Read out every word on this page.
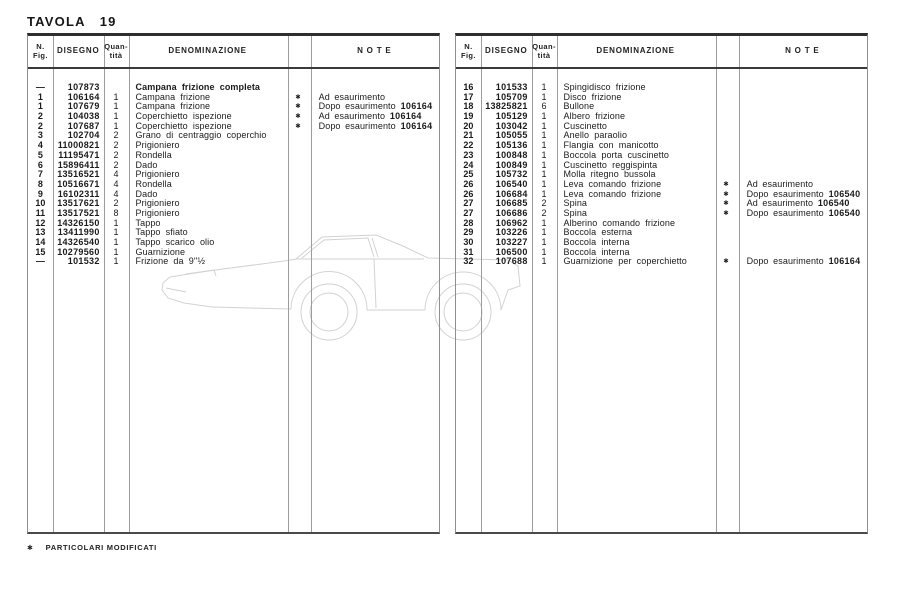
TAVOLA 19
N.
Fig.	DISEGNO Quan-
tità	DENOMINAZIONE	N O T E
—	107873	Campana frizione completa
1	106164	1	Campana frizione	✱	Ad esaurimento
1	107679	1	Campana frizione	✱	Dopo esaurimento 106164
2	104038	1	Coperchietto ispezione	✱	Ad esaurimento 106164
2	107687	1	Coperchietto ispezione	✱	Dopo esaurimento 106164
3	102704	2	Grano di centraggio coperchio
4	11000821	2	Prigioniero
5	11195471	2	Rondella
6	15896411	2	Dado
7	13516521	4	Prigioniero
8	10516671	4	Rondella
9	16102311	4	Dado
10	13517621	2	Prigioniero
11	13517521	8	Prigioniero
12	14326150	1	Tappo
13	13411990	1	Tappo sfiato
14	14326540	1	Tappo scarico olio
15	10279560	1	Guarnizione
—	101532	1	Frizione da 9''½
N.
Fig.	DISEGNO Quan-
tità	DENOMINAZIONE	N O T E
16	101533	1	Spingidisco frizione
17	105709	1	Disco frizione
18	13825821	6	Bullone
19	105129	1	Albero frizione
20	103042	1	Cuscinetto
21	105055	1	Anello paraolio
22	105136	1	Flangia con manicotto
23	100848	1	Boccola porta cuscinetto
24	100849	1	Cuscinetto reggispinta
25	105732	1	Molla ritegno bussola
26	106540	1	Leva comando frizione	✱	Ad esaurimento
26	106684	1	Leva comando frizione	✱	Dopo esaurimento 106540
27	106685	2	Spina	✱	Ad esaurimento 106540
27	106686	2	Spina	✱	Dopo esaurimento 106540
28	106962	1	Alberino comando frizione
29	103226	1	Boccola esterna
30	103227	1	Boccola interna
31	106500	1	Boccola interna
32	107688	1	Guarnizione per coperchietto	✱	Dopo esaurimento 106164
✱ PARTICOLARI MODIFICATI
